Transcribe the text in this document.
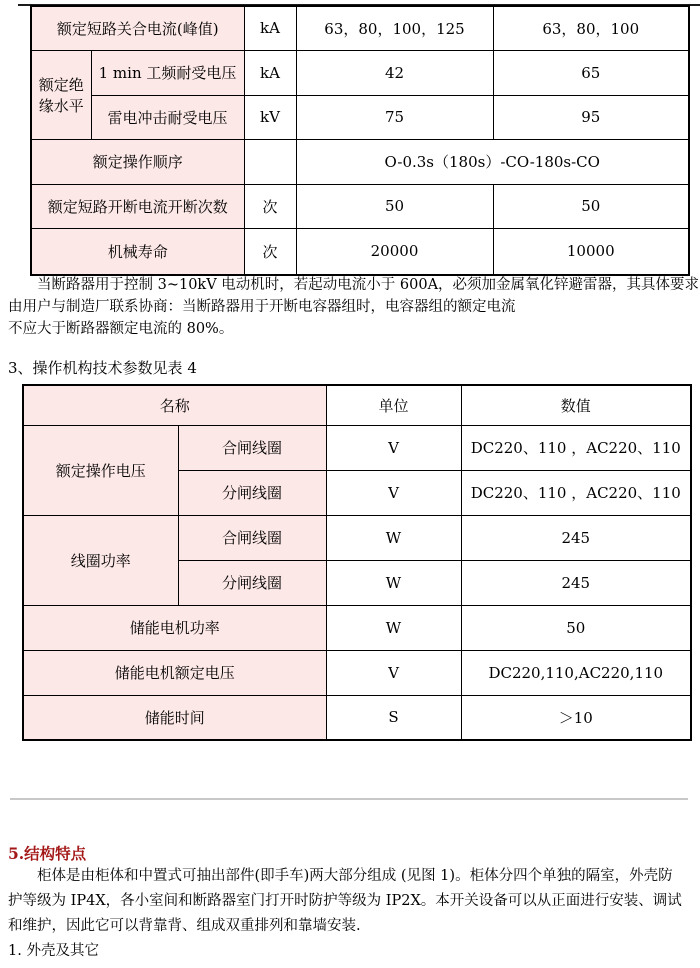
额定短路关合电流(峰值)		kA	63，80，100，125	63，80，100
额定绝缘水平	1 min 工频耐受电压	kA	42	65
	雷电冲击耐受电压	kV	75	95
额定操作顺序			O-0.3s（180s）-CO-180s-CO	
额定短路开断电流开断次数		次	50	50
机械寿命		次	20000	10000
当断路器用于控制 3~10kV 电动机时，若起动电流小于 600A，必须加金属氧化锌避雷器，其具体要求
由用户与制造厂联系协商：当断路器用于开断电容器组时，电容器组的额定电流
不应大于断路器额定电流的 80%。
3、操作机构技术参数见表 4
名称		单位	数值
额定操作电压	合闸线圈	V	DC220、110 ，AC220、110
	分闸线圈	V	DC220、110 ，AC220、110
线圈功率	合闸线圈	W	245
	分闸线圈	W	245
储能电机功率		W	50
储能电机额定电压		V	DC220,110,AC220,110
储能时间		S	＞10
5.结构特点
柜体是由柜体和中置式可抽出部件(即手车)两大部分组成 (见图 1)。柜体分四个单独的隔室，外壳防
护等级为 IP4X，各小室间和断路器室门打开时防护等级为 IP2X。本开关设备可以从正面进行安装、调试
和维护，因此它可以背靠背、组成双重排列和靠墙安装.
1. 外壳及其它
